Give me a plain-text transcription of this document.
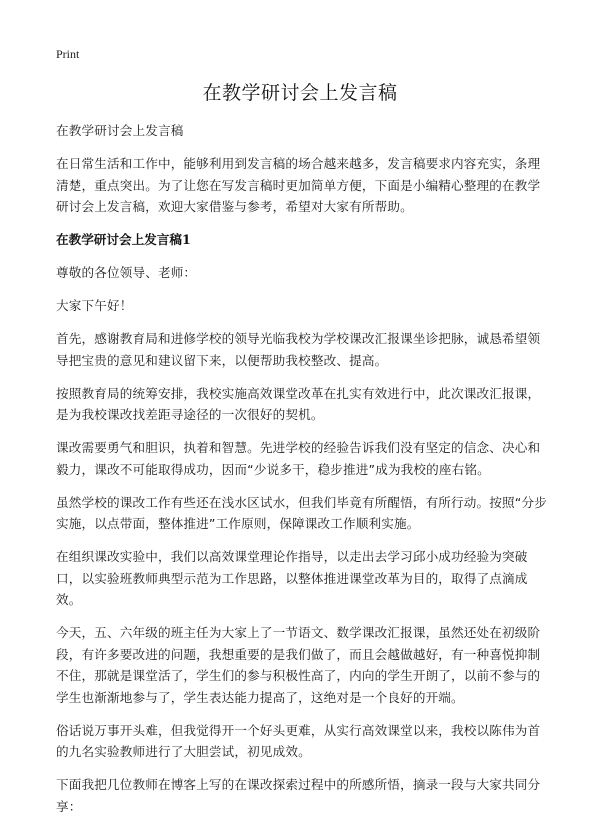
Print
在教学研讨会上发言稿

在教学研讨会上发言稿

在日常生活和工作中，能够利用到发言稿的场合越来越多，发言稿要求内容充实，条理清楚，重点突出。为了让您在写发言稿时更加简单方便，下面是小编精心整理的在教学研讨会上发言稿，欢迎大家借鉴与参考，希望对大家有所帮助。

在教学研讨会上发言稿1

尊敬的各位领导、老师：

大家下午好！

首先，感谢教育局和进修学校的领导光临我校为学校课改汇报课坐诊把脉，诚恳希望领导把宝贵的意见和建议留下来，以便帮助我校整改、提高。

按照教育局的统筹安排，我校实施高效课堂改革在扎实有效进行中，此次课改汇报课，是为我校课改找差距寻途径的一次很好的契机。

课改需要勇气和胆识，执着和智慧。先进学校的经验告诉我们没有坚定的信念、决心和毅力，课改不可能取得成功，因而“少说多干，稳步推进”成为我校的座右铭。

虽然学校的课改工作有些还在浅水区试水，但我们毕竟有所醒悟，有所行动。按照“分步实施，以点带面，整体推进”工作原则，保障课改工作顺利实施。

在组织课改实验中，我们以高效课堂理论作指导，以走出去学习邱小成功经验为突破口，以实验班教师典型示范为工作思路，以整体推进课堂改革为目的，取得了点滴成效。

今天，五、六年级的班主任为大家上了一节语文、数学课改汇报课，虽然还处在初级阶段，有许多要改进的问题，我想重要的是我们做了，而且会越做越好，有一种喜悦抑制不住，那就是课堂活了，学生们的参与积极性高了，内向的学生开朗了，以前不参与的学生也渐渐地参与了，学生表达能力提高了，这绝对是一个良好的开端。

俗话说万事开头难，但我觉得开一个好头更难，从实行高效课堂以来，我校以陈伟为首的九名实验教师进行了大胆尝试，初见成效。

下面我把几位教师在博客上写的在课改探索过程中的所感所悟，摘录一段与大家共同分享：
